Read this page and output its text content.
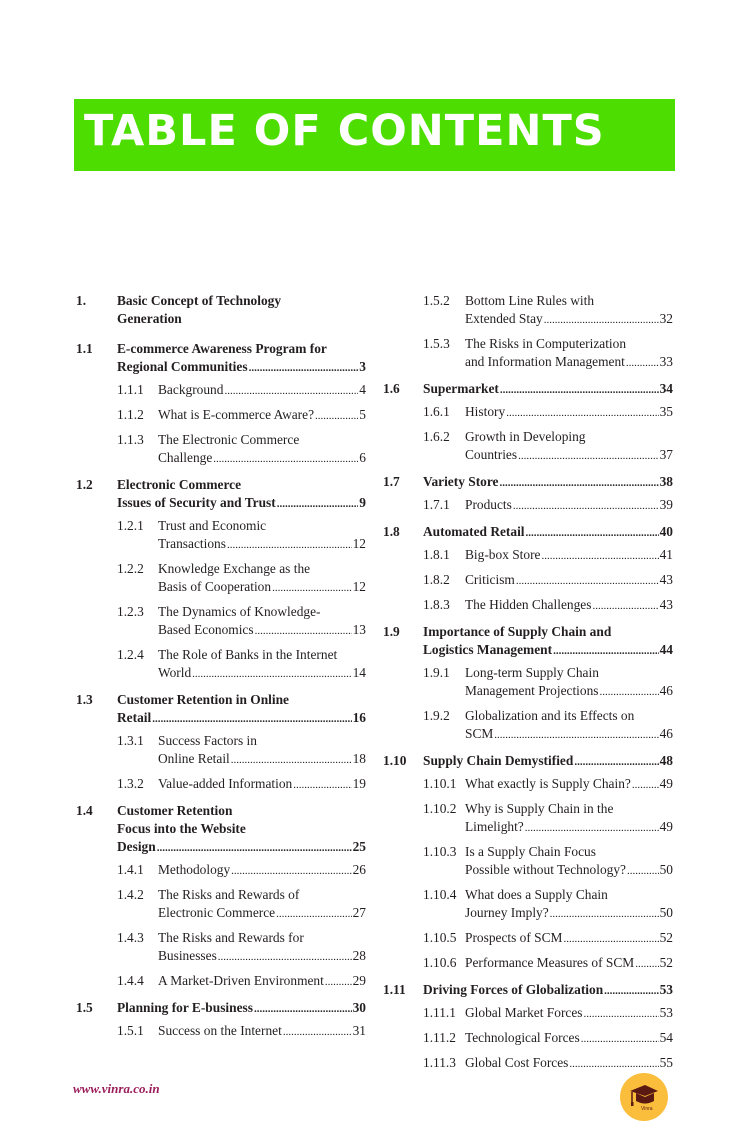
TABLE OF CONTENTS
1. Basic Concept of Technology
Generation
1.1 E-commerce Awareness Program for
Regional Communities .....	3
1.1.1 Background .....	4
1.1.2 What is E-commerce Aware? .....	5
1.1.3 The Electronic Commerce
Challenge .....	6
1.2 Electronic Commerce
Issues of Security and Trust .....	9
1.2.1 Trust and Economic
Transactions .....	12
1.2.2 Knowledge Exchange as the
Basis of Cooperation .....	12
1.2.3 The Dynamics of Knowledge-
Based Economics .....	13
1.2.4 The Role of Banks in the Internet
World .....	14
1.3 Customer Retention in Online
Retail .....	16
1.3.1 Success Factors in
Online Retail .....	18
1.3.2 Value-added Information .....	19
1.4 Customer Retention
Focus into the Website
Design .....	25
1.4.1 Methodology .....	26
1.4.2 The Risks and Rewards of
Electronic Commerce .....	27
1.4.3 The Risks and Rewards for
Businesses .....	28
1.4.4 A Market-Driven Environment ..... 29
1.5 Planning for E-business .....	30
1.5.1 Success on the Internet .....	31
1.5.2 Bottom Line Rules with
Extended Stay .....	32
1.5.3 The Risks in Computerization
and Information Management .....	33
1.6 Supermarket .....	34
1.6.1 History .....	35
1.6.2 Growth in Developing
Countries .....	37
1.7 Variety Store .....	38
1.7.1 Products .....	39
1.8 Automated Retail .....	40
1.8.1 Big-box Store .....	41
1.8.2 Criticism .....	43
1.8.3 The Hidden Challenges .....	43
1.9 Importance of Supply Chain and
Logistics Management .....	44
1.9.1 Long-term Supply Chain
Management Projections .....	46
1.9.2 Globalization and its Effects on
SCM .....	46
1.10 Supply Chain Demystified .....	48
1.10.1 What exactly is Supply Chain? ..... 49
1.10.2 Why is Supply Chain in the
Limelight? .....	49
1.10.3 Is a Supply Chain Focus
Possible without Technology? .....	50
1.10.4 What does a Supply Chain
Journey Imply? .....	50
1.10.5 Prospects of SCM .....	52
1.10.6 Performance Measures of SCM ..... 52
1.11 Driving Forces of Globalization .....	53
1.11.1 Global Market Forces .....	53
1.11.2 Technological Forces .....	54
1.11.3 Global Cost Forces .....	55
www.vinra.co.in
Vinra
